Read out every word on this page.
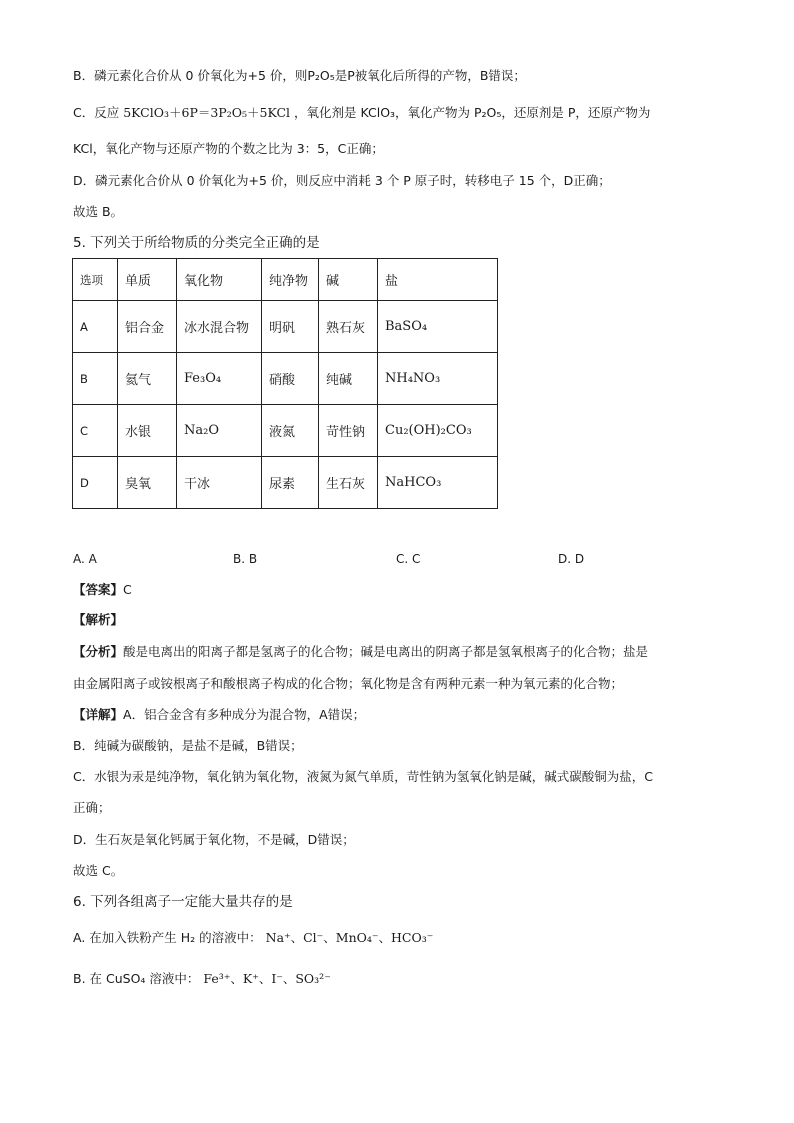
B．磷元素化合价从 0 价氧化为+5 价，则P₂O₅是P被氧化后所得的产物，B错误；
C．反应 5KClO₃＋6P＝3P₂O₅＋5KCl ，氧化剂是 KClO₃，氧化产物为 P₂O₅，还原剂是 P，还原产物为
KCl，氧化产物与还原产物的个数之比为 3：5，C正确；
D．磷元素化合价从 0 价氧化为+5 价，则反应中消耗 3 个 P 原子时，转移电子 15 个，D正确；
故选 B。
5. 下列关于所给物质的分类完全正确的是
选项	单质	氧化物	纯净物	碱	盐
A	铝合金	冰水混合物	明矾	熟石灰	BaSO₄
B	氦气	Fe₃O₄	硝酸	纯碱	NH₄NO₃
C	水银	Na₂O	液氮	苛性钠	Cu₂(OH)₂CO₃
D	臭氧	干冰	尿素	生石灰	NaHCO₃
A. A	B. B	C. C	D. D
【答案】C
【解析】
【分析】酸是电离出的阳离子都是氢离子的化合物；碱是电离出的阴离子都是氢氧根离子的化合物；盐是
由金属阳离子或铵根离子和酸根离子构成的化合物；氧化物是含有两种元素一种为氧元素的化合物；
【详解】A．铝合金含有多种成分为混合物，A错误；
B．纯碱为碳酸钠，是盐不是碱，B错误；
C．水银为汞是纯净物，氧化钠为氧化物，液氮为氮气单质，苛性钠为氢氧化钠是碱，碱式碳酸铜为盐，C
正确；
D．生石灰是氧化钙属于氧化物，不是碱，D错误；
故选 C。
6. 下列各组离子一定能大量共存的是
A. 在加入铁粉产生 H₂ 的溶液中： Na⁺、Cl⁻、MnO₄⁻、HCO₃⁻
B. 在 CuSO₄ 溶液中： Fe³⁺、K⁺、I⁻、SO₃²⁻
